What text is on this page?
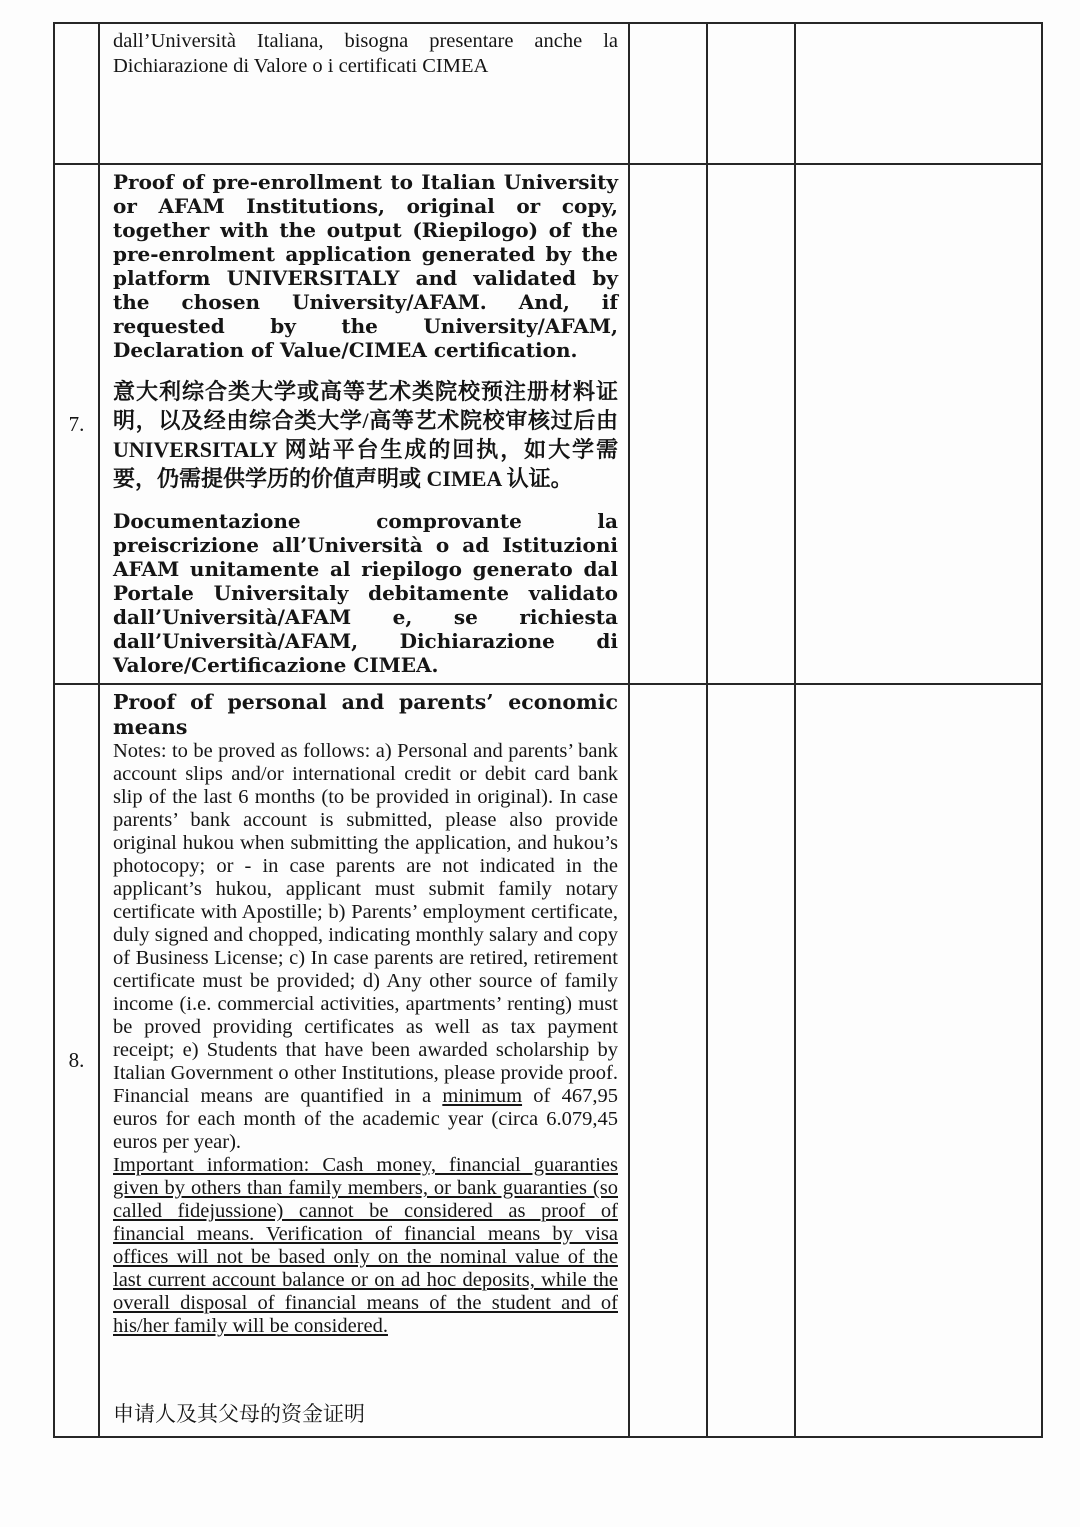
	dall’Università Italiana, bisogna presentare anche la Dichiarazione di Valore o i certificati CIMEA			

7.	Proof of pre-enrollment to Italian University or AFAM Institutions, original or copy, together with the output (Riepilogo) of the pre-enrolment application generated by the platform UNIVERSITALY and validated by the chosen University/AFAM. And, if requested by the University/AFAM, Declaration of Value/CIMEA certification.

意大利综合类大学或高等艺术类院校预注册材料证明，以及经由综合类大学/高等艺术院校审核过后由 UNIVERSITALY 网站平台生成的回执，如大学需要，仍需提供学历的价值声明或 CIMEA 认证。

Documentazione comprovante la preiscrizione all’Università o ad Istituzioni AFAM unitamente al riepilogo generato dal Portale Universitaly debitamente validato dall’Università/AFAM e, se richiesta dall’Università/AFAM, Dichiarazione di Valore/Certificazione CIMEA.			

8.	Proof of personal and parents’ economic means

Notes: to be proved as follows: a) Personal and parents’ bank account slips and/or international credit or debit card bank slip of the last 6 months (to be provided in original). In case parents’ bank account is submitted, please also provide original hukou when submitting the application, and hukou’s photocopy; or - in case parents are not indicated in the applicant’s hukou, applicant must submit family notary certificate with Apostille; b) Parents’ employment certificate, duly signed and chopped, indicating monthly salary and copy of Business License; c) In case parents are retired, retirement certificate must be provided; d) Any other source of family income (i.e. commercial activities, apartments’ renting) must be proved providing certificates as well as tax payment receipt; e) Students that have been awarded scholarship by Italian Government o other Institutions, please provide proof. Financial means are quantified in a minimum of 467,95 euros for each month of the academic year (circa 6.079,45 euros per year).

Important information: Cash money, financial guaranties given by others than family members, or bank guaranties (so called fidejussione) cannot be considered as proof of financial means. Verification of financial means by visa offices will not be based only on the nominal value of the last current account balance or on ad hoc deposits, while the overall disposal of financial means of the student and of his/her family will be considered.

申请人及其父母的资金证明			
